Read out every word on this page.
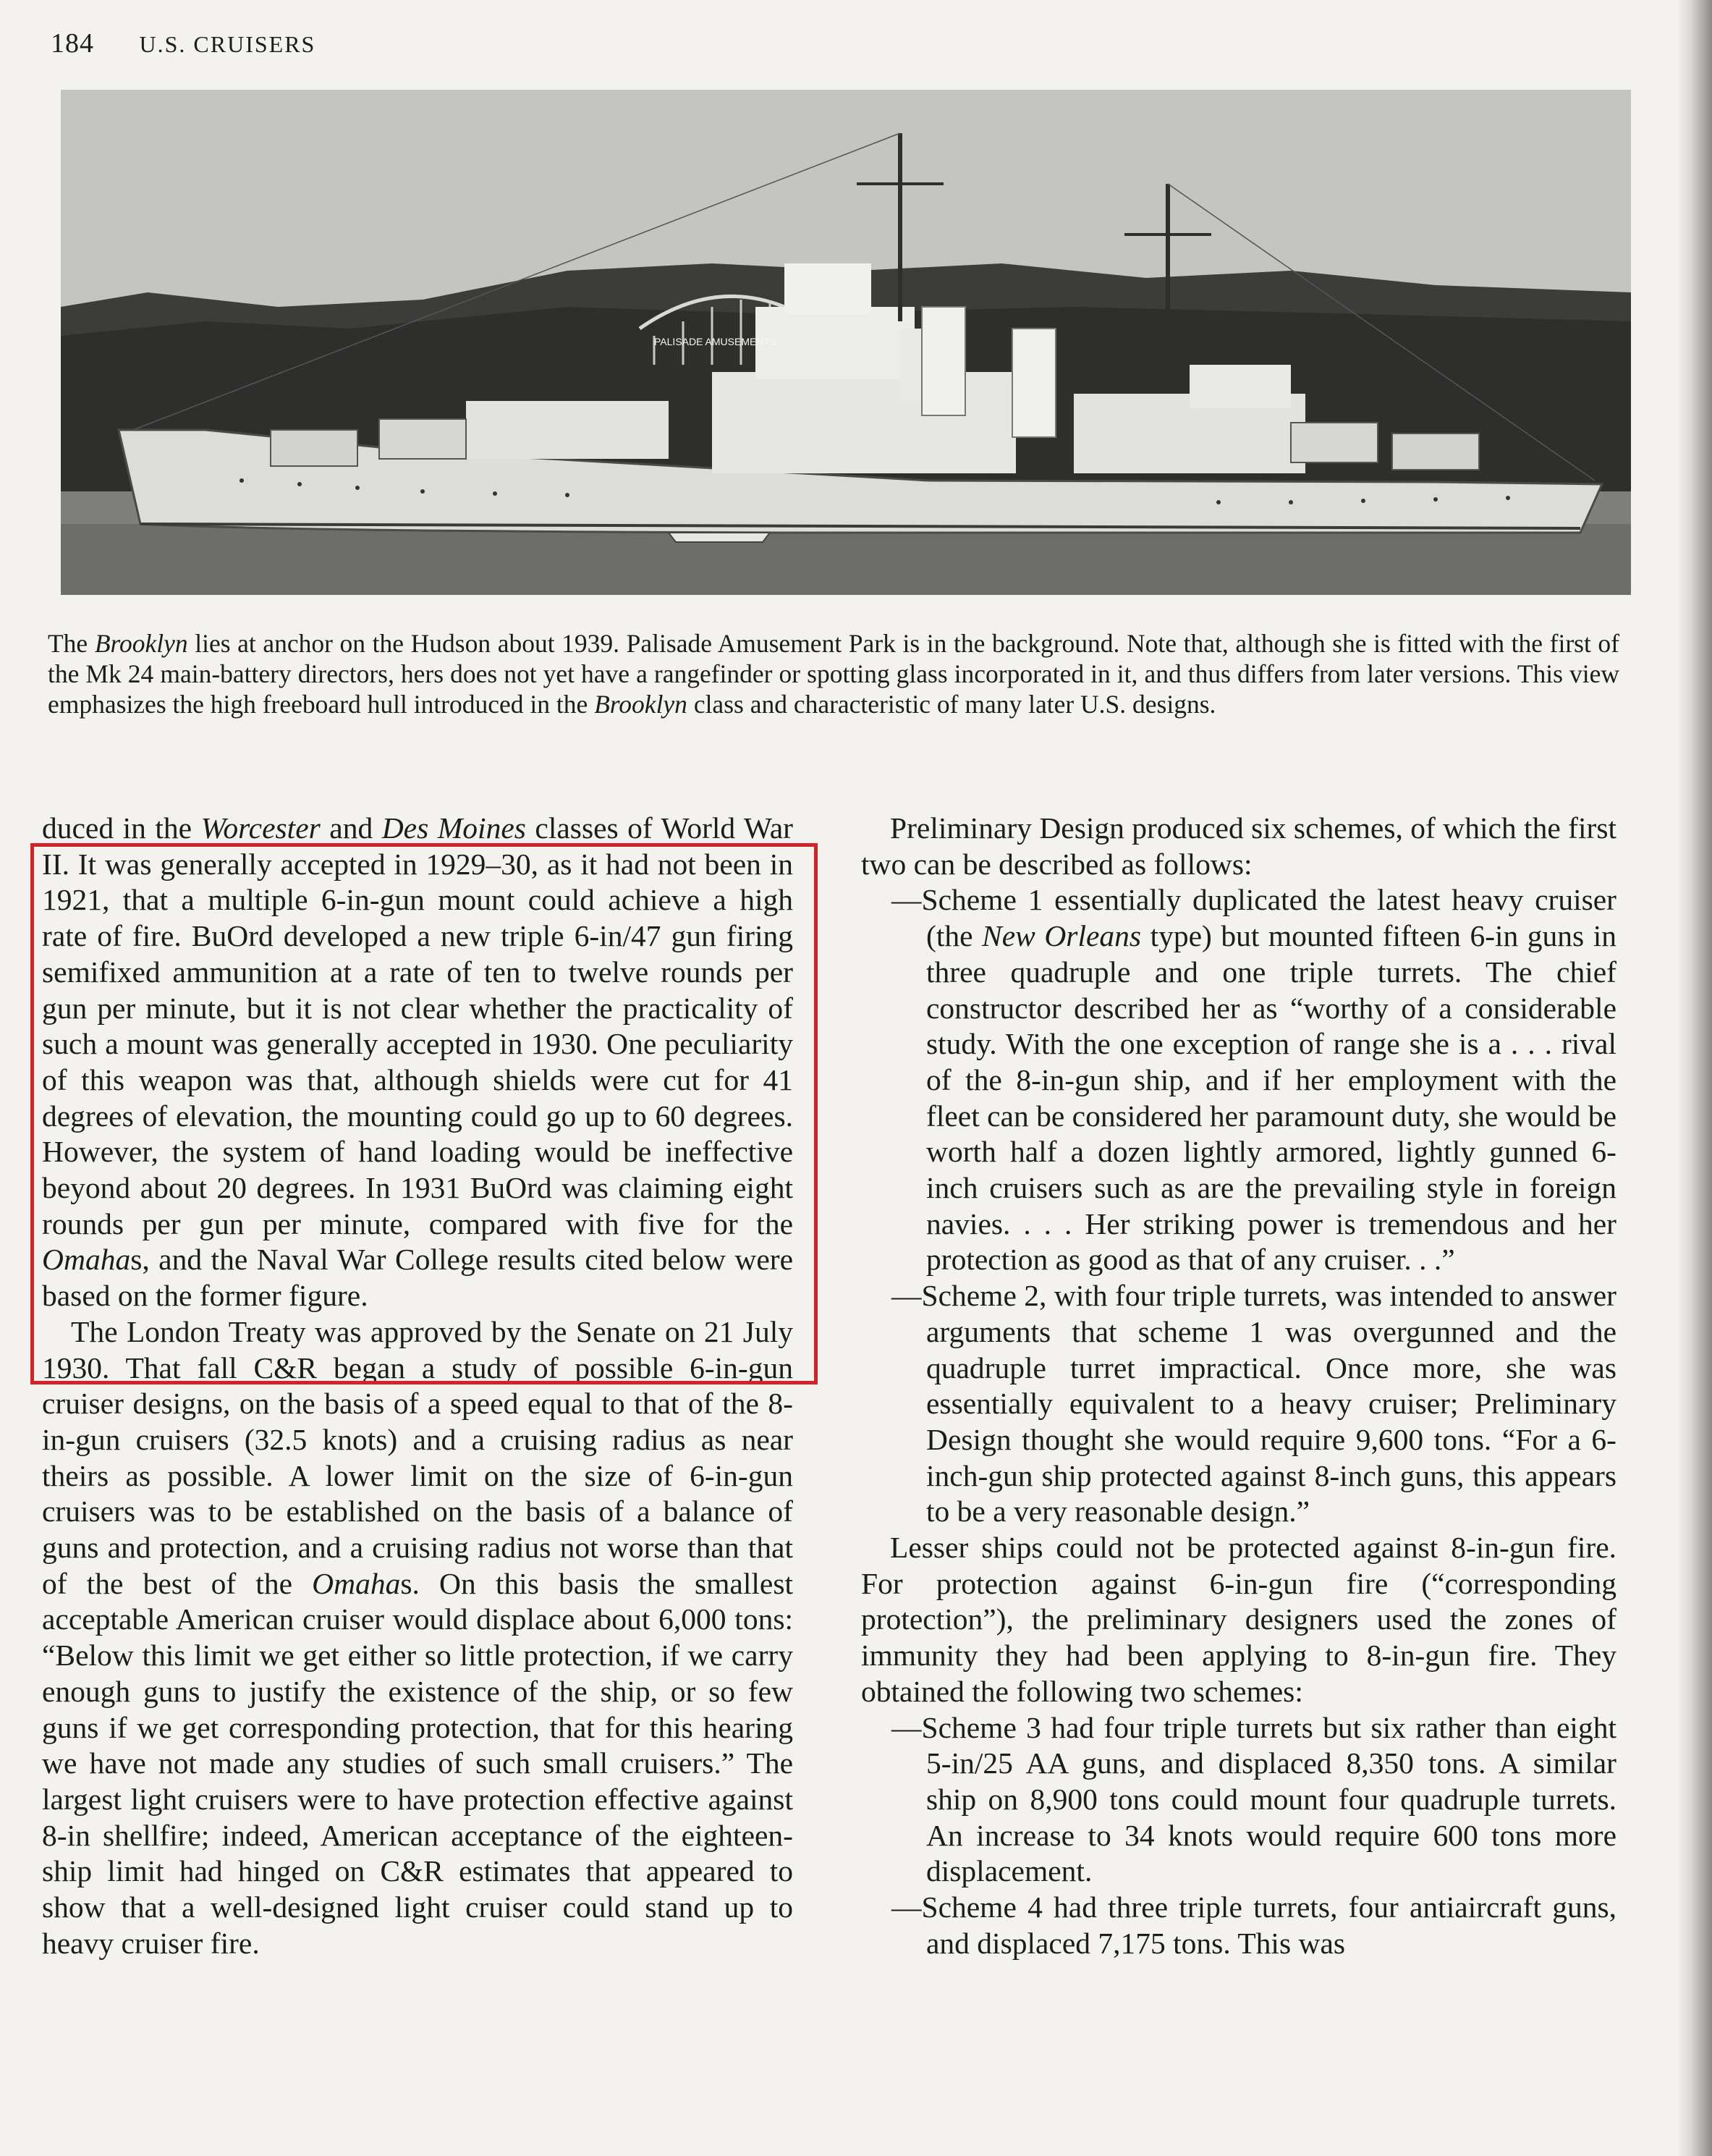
184 U.S. CRUISERS
PALISADE AMUSEMENTS

The Brooklyn lies at anchor on the Hudson about 1939. Palisade Amusement Park is in the background. Note that, although she is fitted with the first of the Mk 24 main-battery directors, hers does not yet have a rangefinder or spotting glass incorporated in it, and thus differs from later versions. This view emphasizes the high freeboard hull introduced in the Brooklyn class and characteristic of many later U.S. designs.

duced in the Worcester and Des Moines classes of World War II. It was generally accepted in 1929–30, as it had not been in 1921, that a multiple 6-in-gun mount could achieve a high rate of fire. BuOrd developed a new triple 6-in/47 gun firing semifixed ammunition at a rate of ten to twelve rounds per gun per minute, but it is not clear whether the practicality of such a mount was generally accepted in 1930. One peculiarity of this weapon was that, although shields were cut for 41 degrees of elevation, the mounting could go up to 60 degrees. However, the system of hand loading would be ineffective beyond about 20 degrees. In 1931 BuOrd was claiming eight rounds per gun per minute, compared with five for the Omahas, and the Naval War College results cited below were based on the former figure.

The London Treaty was approved by the Senate on 21 July 1930. That fall C&R began a study of possible 6-in-gun cruiser designs, on the basis of a speed equal to that of the 8-in-gun cruisers (32.5 knots) and a cruising radius as near theirs as possible. A lower limit on the size of 6-in-gun cruisers was to be established on the basis of a balance of guns and protection, and a cruising radius not worse than that of the best of the Omahas. On this basis the smallest acceptable American cruiser would displace about 6,000 tons: “Below this limit we get either so little protection, if we carry enough guns to justify the existence of the ship, or so few guns if we get corresponding protection, that for this hearing we have not made any studies of such small cruisers.” The largest light cruisers were to have protection effective against 8-in shellfire; indeed, American acceptance of the eighteen-ship limit had hinged on C&R estimates that appeared to show that a well-designed light cruiser could stand up to heavy cruiser fire.

Preliminary Design produced six schemes, of which the first two can be described as follows:

—Scheme 1 essentially duplicated the latest heavy cruiser (the New Orleans type) but mounted fifteen 6-in guns in three quadruple and one triple turrets. The chief constructor described her as “worthy of a considerable study. With the one exception of range she is a . . . rival of the 8-in-gun ship, and if her employment with the fleet can be considered her paramount duty, she would be worth half a dozen lightly armored, lightly gunned 6-inch cruisers such as are the prevailing style in foreign navies. . . . Her striking power is tremendous and her protection as good as that of any cruiser. . .”

—Scheme 2, with four triple turrets, was intended to answer arguments that scheme 1 was overgunned and the quadruple turret impractical. Once more, she was essentially equivalent to a heavy cruiser; Preliminary Design thought she would require 9,600 tons. “For a 6-inch-gun ship protected against 8-inch guns, this appears to be a very reasonable design.”

Lesser ships could not be protected against 8-in-gun fire. For protection against 6-in-gun fire (“corresponding protection”), the preliminary designers used the zones of immunity they had been applying to 8-in-gun fire. They obtained the following two schemes:

—Scheme 3 had four triple turrets but six rather than eight 5-in/25 AA guns, and displaced 8,350 tons. A similar ship on 8,900 tons could mount four quadruple turrets. An increase to 34 knots would require 600 tons more displacement.

—Scheme 4 had three triple turrets, four antiaircraft guns, and displaced 7,175 tons. This was
